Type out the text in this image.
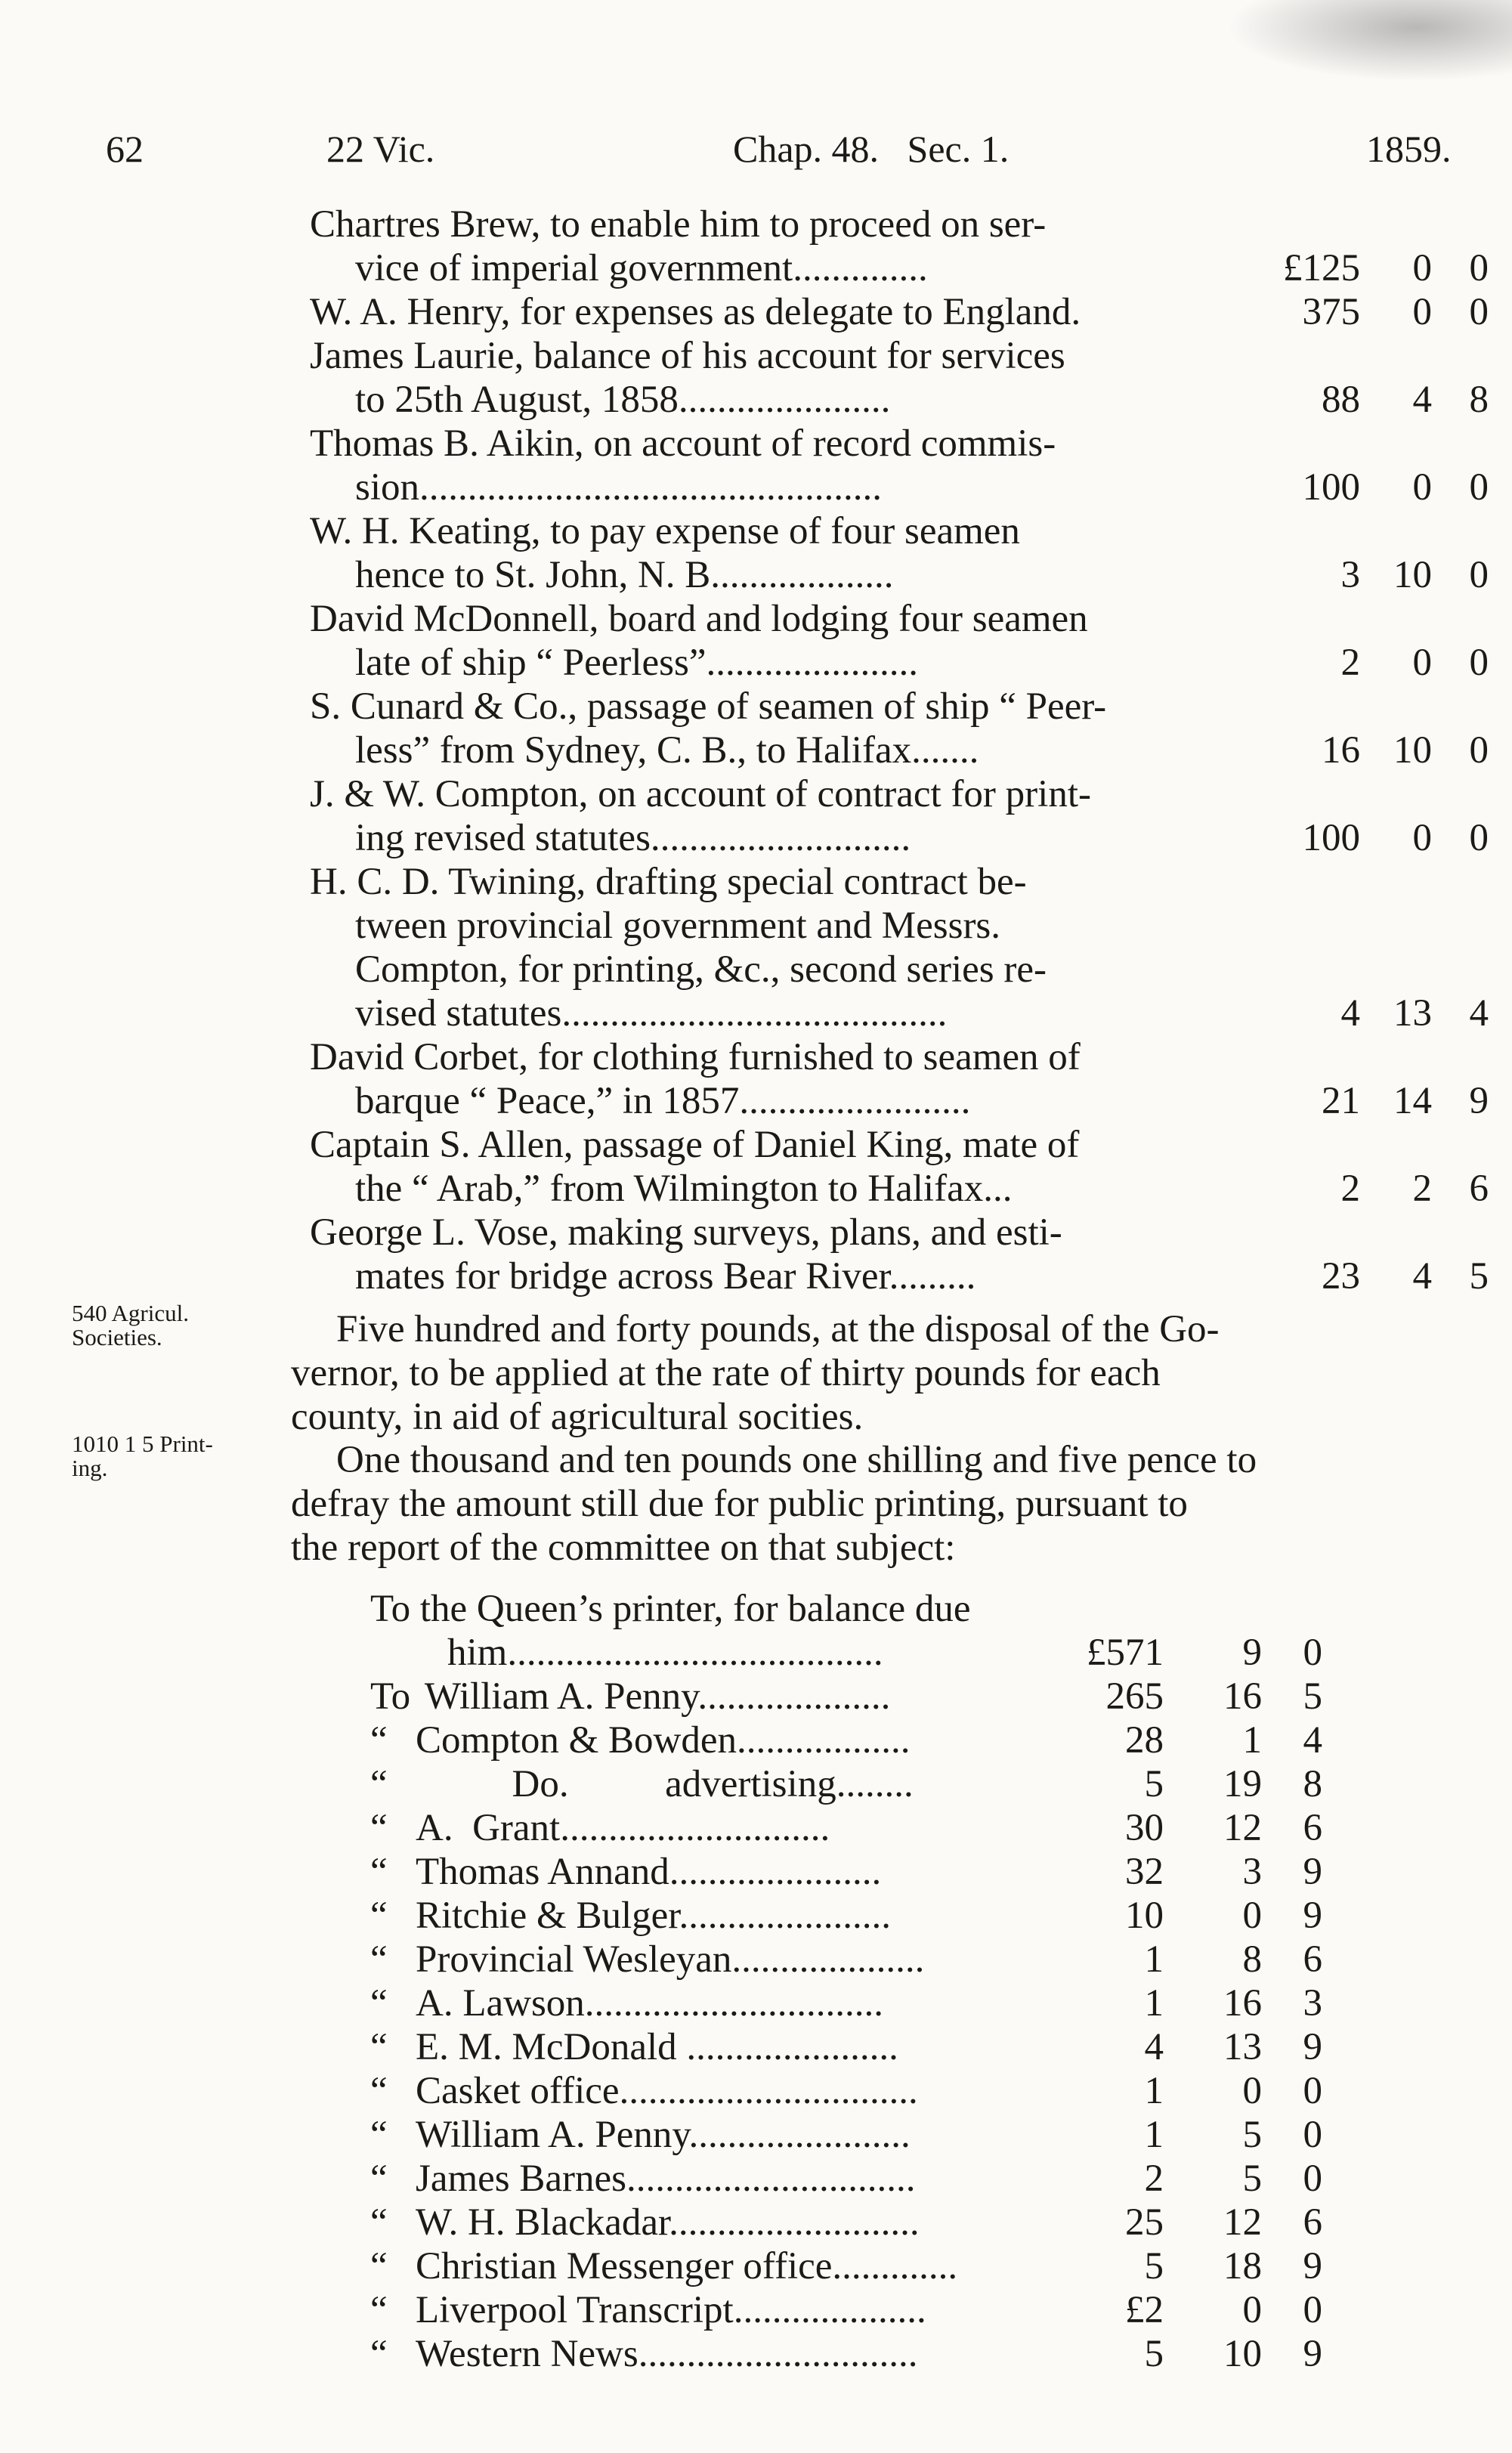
62	22 Vic.	Chap. 48.   Sec. 1.	1859.
Chartres Brew, to enable him to proceed on ser-
vice of imperial government..............	£125	0 0
W. A. Henry, for expenses as delegate to England.	375	0 0
James Laurie, balance of his account for services
to 25th August, 1858......................	88	4 8
Thomas B. Aikin, on account of record commis-
sion................................................	100	0 0
W. H. Keating, to pay expense of four seamen
hence to St. John, N. B...................	3 10 0
David McDonnell, board and lodging four seamen
late of ship “ Peerless”......................	2	0 0
S. Cunard & Co., passage of seamen of ship “ Peer-
less” from Sydney, C. B., to Halifax.......	16 10 0
J. & W. Compton, on account of contract for print-
ing revised statutes...........................	100	0 0
H. C. D. Twining, drafting special contract be-
tween provincial government and Messrs.
Compton, for printing, &c., second series re-
vised statutes........................................	4 13 4
David Corbet, for clothing furnished to seamen of
barque “ Peace,” in 1857........................	21 14 9
Captain S. Allen, passage of Daniel King, mate of
the “ Arab,” from Wilmington to Halifax...	2	2 6
George L. Vose, making surveys, plans, and esti-
mates for bridge across Bear River.........	23	4 5
540 Agricul.
Societies.	Five hundred and forty pounds, at the disposal of the Go-
vernor, to be applied at the rate of thirty pounds for each
county, in aid of agricultural socities.
1010 1 5 Print-
ing.	One thousand and ten pounds one shilling and five pence to
defray the amount still due for public printing, pursuant to
the report of the committee on that subject:
To the Queen’s printer, for balance due
him.......................................	£571	9	0
To William A. Penny....................	265	16	5
“ Compton & Bowden..................	28	1	4
“          Do.          advertising........	5	19	8
“ A.  Grant............................	30	12	6
“ Thomas Annand......................	32	3	9
“ Ritchie & Bulger......................	10	0	9
“ Provincial Wesleyan....................	1	8	6
“ A. Lawson...............................	1	16	3
“ E. M. McDonald ......................	4	13	9
“ Casket office...............................	1	0	0
“ William A. Penny.......................	1	5	0
“ James Barnes..............................	2	5	0
“ W. H. Blackadar..........................	25	12	6
“ Christian Messenger office.............	5	18	9
“ Liverpool Transcript....................	£2	0	0
“ Western News.............................	5	10	9
